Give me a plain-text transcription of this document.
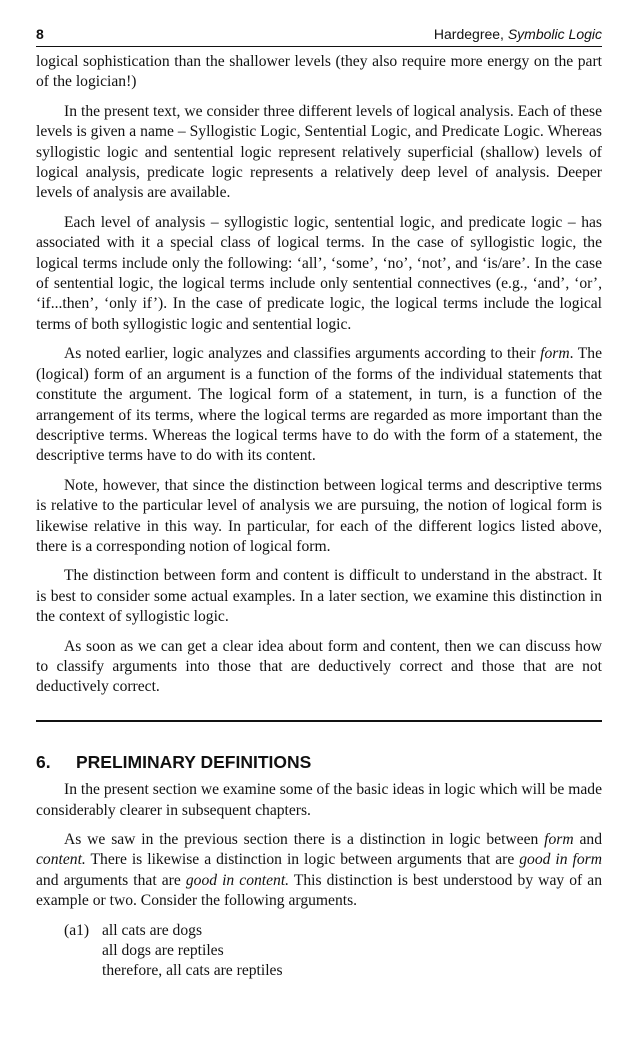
8	Hardegree, Symbolic Logic

logical sophistication than the shallower levels (they also require more energy on the part of the logician!)

In the present text, we consider three different levels of logical analysis. Each of these levels is given a name – Syllogistic Logic, Sentential Logic, and Predicate Logic. Whereas syllogistic logic and sentential logic represent relatively superficial (shallow) levels of logical analysis, predicate logic represents a relatively deep level of analysis. Deeper levels of analysis are available.

Each level of analysis – syllogistic logic, sentential logic, and predicate logic – has associated with it a special class of logical terms. In the case of syllogistic logic, the logical terms include only the following: ‘all’, ‘some’, ‘no’, ‘not’, and ‘is/are’. In the case of sentential logic, the logical terms include only sentential connectives (e.g., ‘and’, ‘or’, ‘if...then’, ‘only if’). In the case of predicate logic, the logical terms include the logical terms of both syllogistic logic and sentential logic.

As noted earlier, logic analyzes and classifies arguments according to their form. The (logical) form of an argument is a function of the forms of the individual statements that constitute the argument. The logical form of a statement, in turn, is a function of the arrangement of its terms, where the logical terms are regarded as more important than the descriptive terms. Whereas the logical terms have to do with the form of a statement, the descriptive terms have to do with its content.

Note, however, that since the distinction between logical terms and descriptive terms is relative to the particular level of analysis we are pursuing, the notion of logical form is likewise relative in this way. In particular, for each of the different logics listed above, there is a corresponding notion of logical form.

The distinction between form and content is difficult to understand in the abstract. It is best to consider some actual examples. In a later section, we examine this distinction in the context of syllogistic logic.

As soon as we can get a clear idea about form and content, then we can discuss how to classify arguments into those that are deductively correct and those that are not deductively correct.

6.	PRELIMINARY DEFINITIONS

In the present section we examine some of the basic ideas in logic which will be made considerably clearer in subsequent chapters.

As we saw in the previous section there is a distinction in logic between form and content. There is likewise a distinction in logic between arguments that are good in form and arguments that are good in content. This distinction is best understood by way of an example or two. Consider the following arguments.

(a1) all cats are dogs
all dogs are reptiles
therefore, all cats are reptiles
